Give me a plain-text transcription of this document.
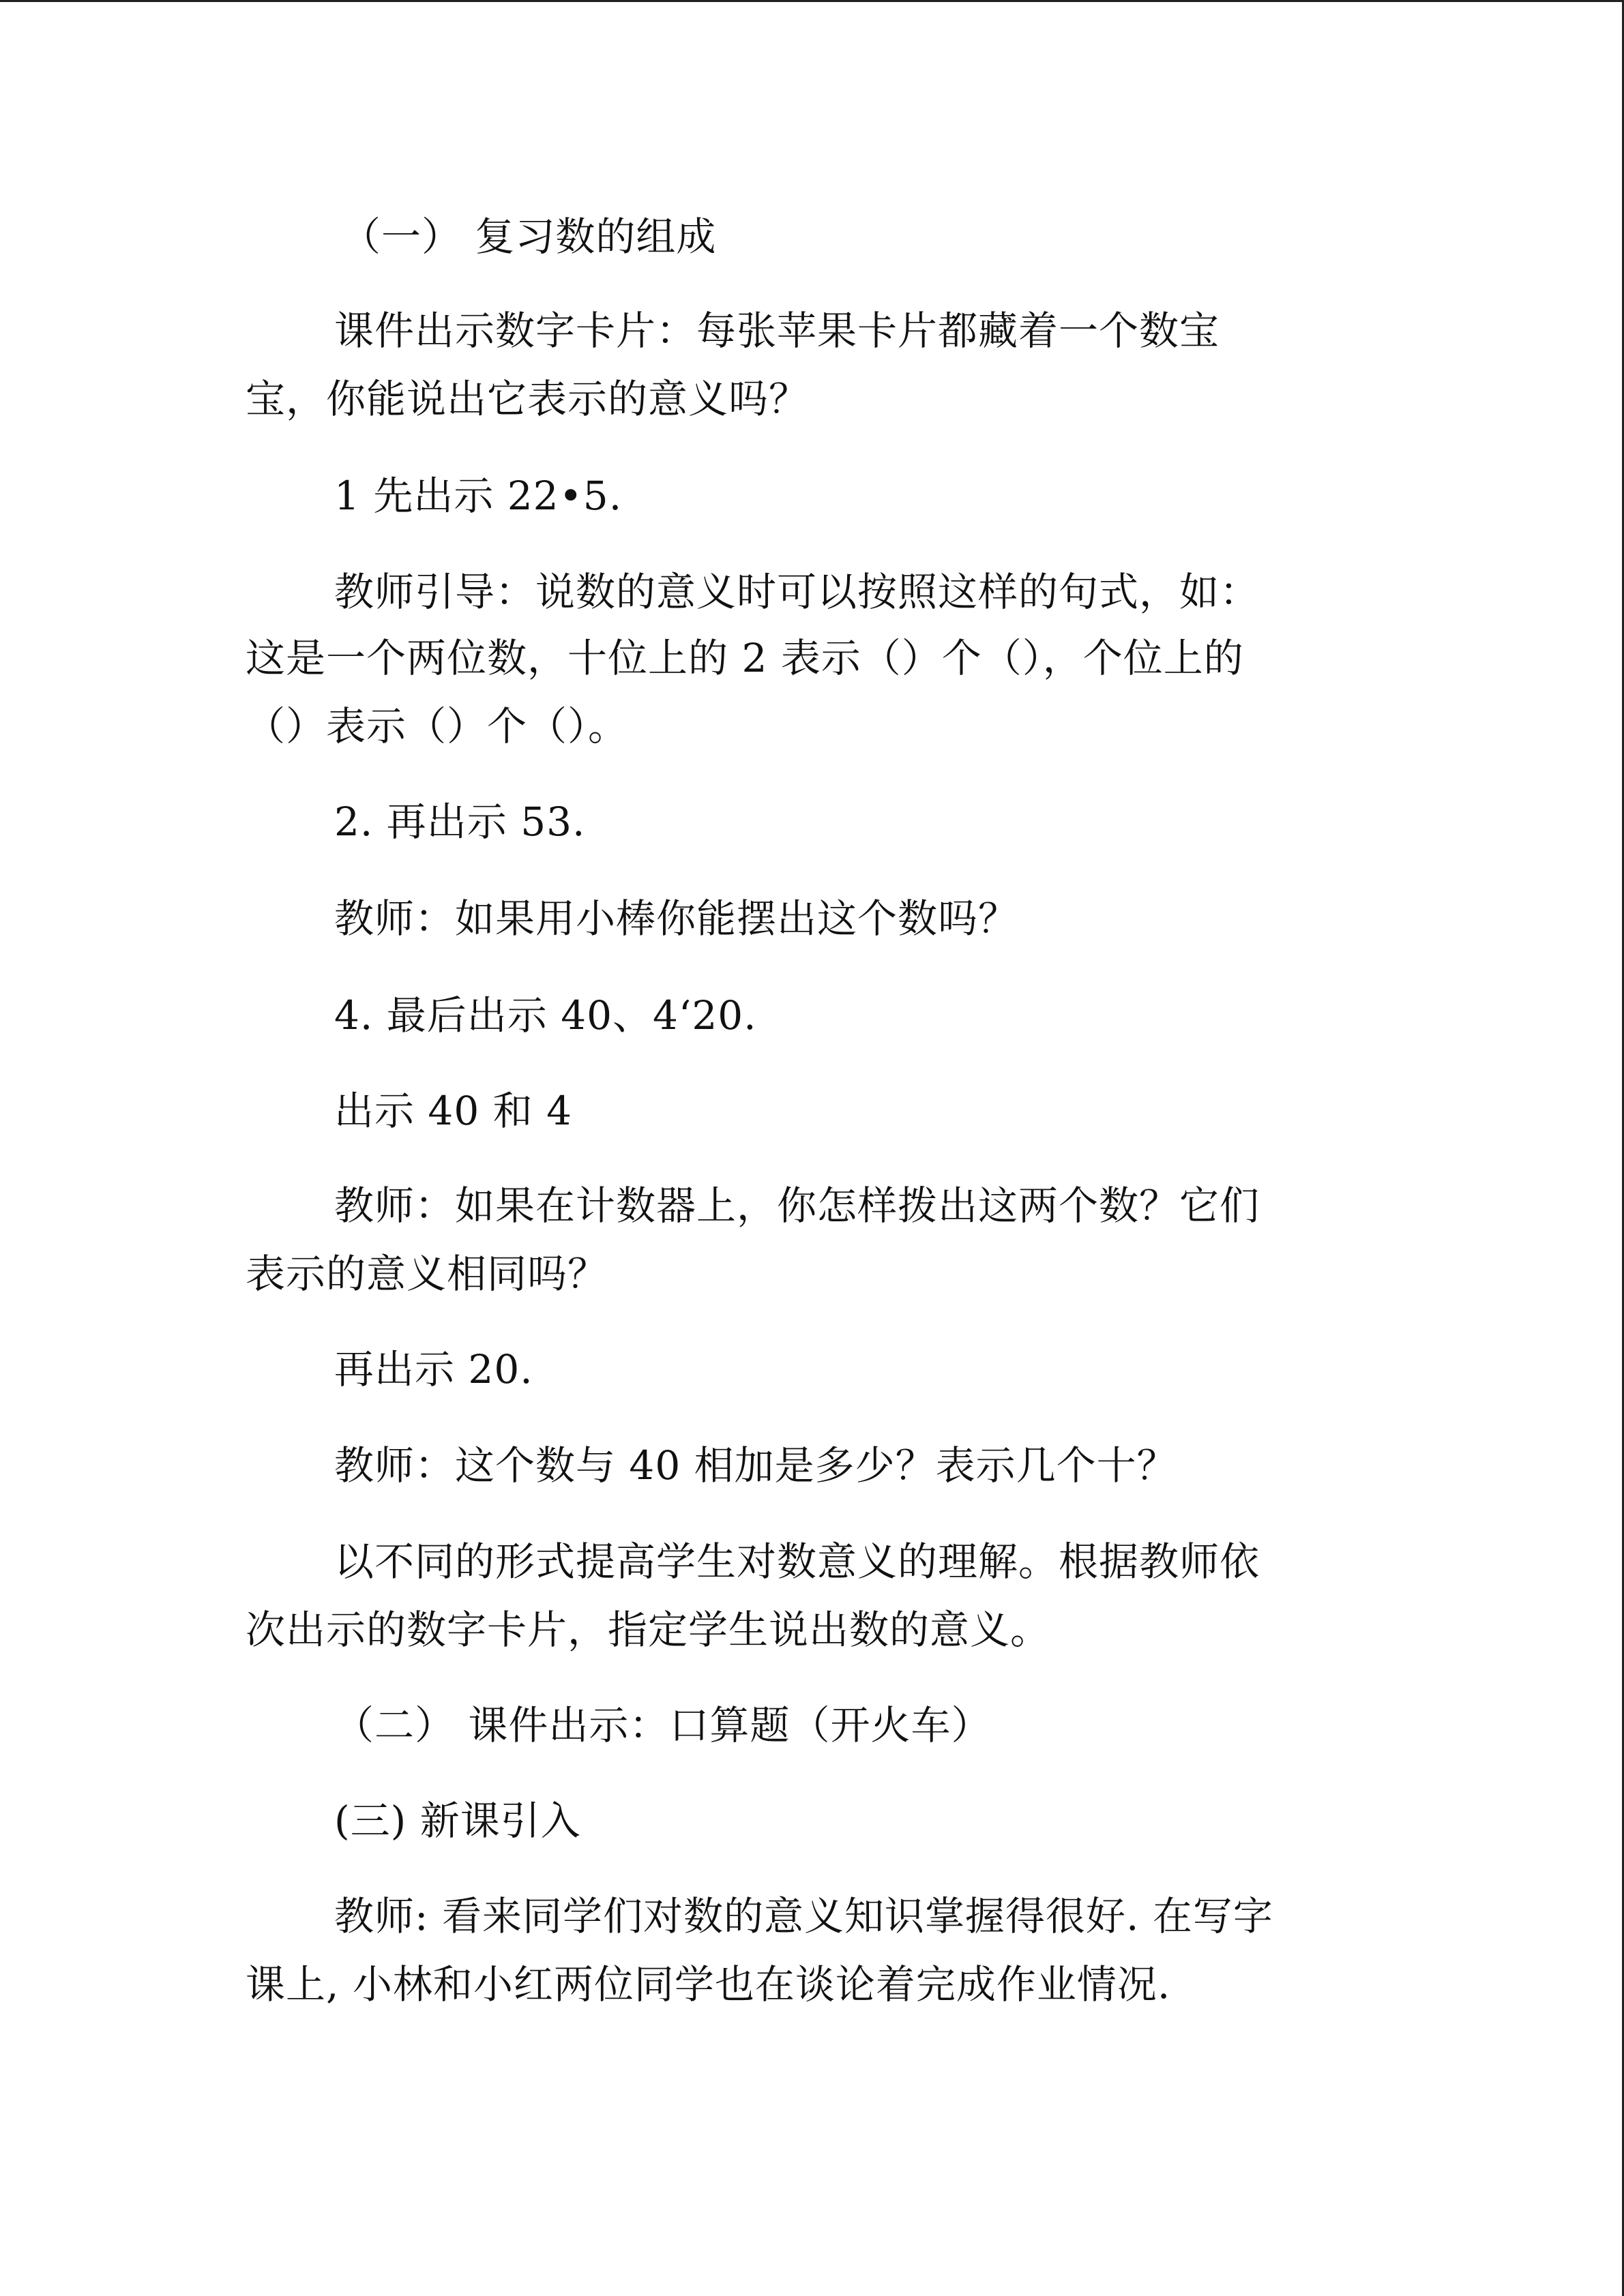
（一） 复习数的组成
课件出示数字卡片：每张苹果卡片都藏着一个数宝
宝，你能说出它表示的意义吗？
1 先出示 22•5.
教师引导：说数的意义时可以按照这样的句式，如：
这是一个两位数，十位上的 2 表示（）个（），个位上的
（）表示（）个（）。
2. 再出示 53.
教师：如果用小棒你能摆出这个数吗？
4. 最后出示 40、4‘20.
出示 40 和 4
教师：如果在计数器上，你怎样拨出这两个数？它们
表示的意义相同吗？
再出示 20.
教师：这个数与 40 相加是多少？表示几个十？
以不同的形式提高学生对数意义的理解。根据教师依
次出示的数字卡片，指定学生说出数的意义。
（二） 课件出示：口算题（开火车）
(三) 新课引入
教师: 看来同学们对数的意义知识掌握得很好. 在写字
课上, 小林和小红两位同学也在谈论着完成作业情况.
